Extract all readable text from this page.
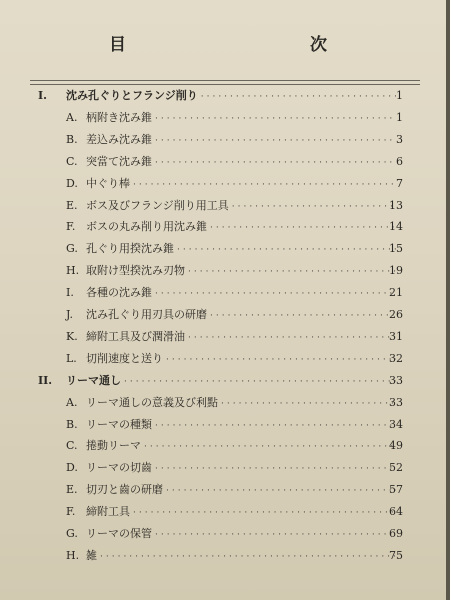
目　　次
I. 沈み孔ぐりとフランジ削り ·····	1
A. 柄附き沈み錐 ·····	1
B. 差込み沈み錐 ·····	3
C. 突當て沈み錐 ·····	6
D. 中ぐり棒 ·····	7
E. ボス及びフランジ削り用工具 ·····	13
F. ボスの丸み削り用沈み錐 ·····	14
G. 孔ぐり用揆沈み錐 ·····	15
H. 取附け型揆沈み刃物 ·····	19
I. 各種の沈み錐 ·····	21
J. 沈み孔ぐり用刃具の研磨 ·····	26
K. 締附工具及び潤滑油 ·····	31
L. 切削速度と送り ·····	32
II. リーマ通し ·····	33
A. リーマ通しの意義及び利點 ·····	33
B. リーマの種類 ·····	34
C. 捲動リーマ ·····	49
D. リーマの切齒 ·····	52
E. 切刃と齒の研磨 ·····	57
F. 締附工具 ·····	64
G. リーマの保管 ·····	69
H. 雑 ·····	75
